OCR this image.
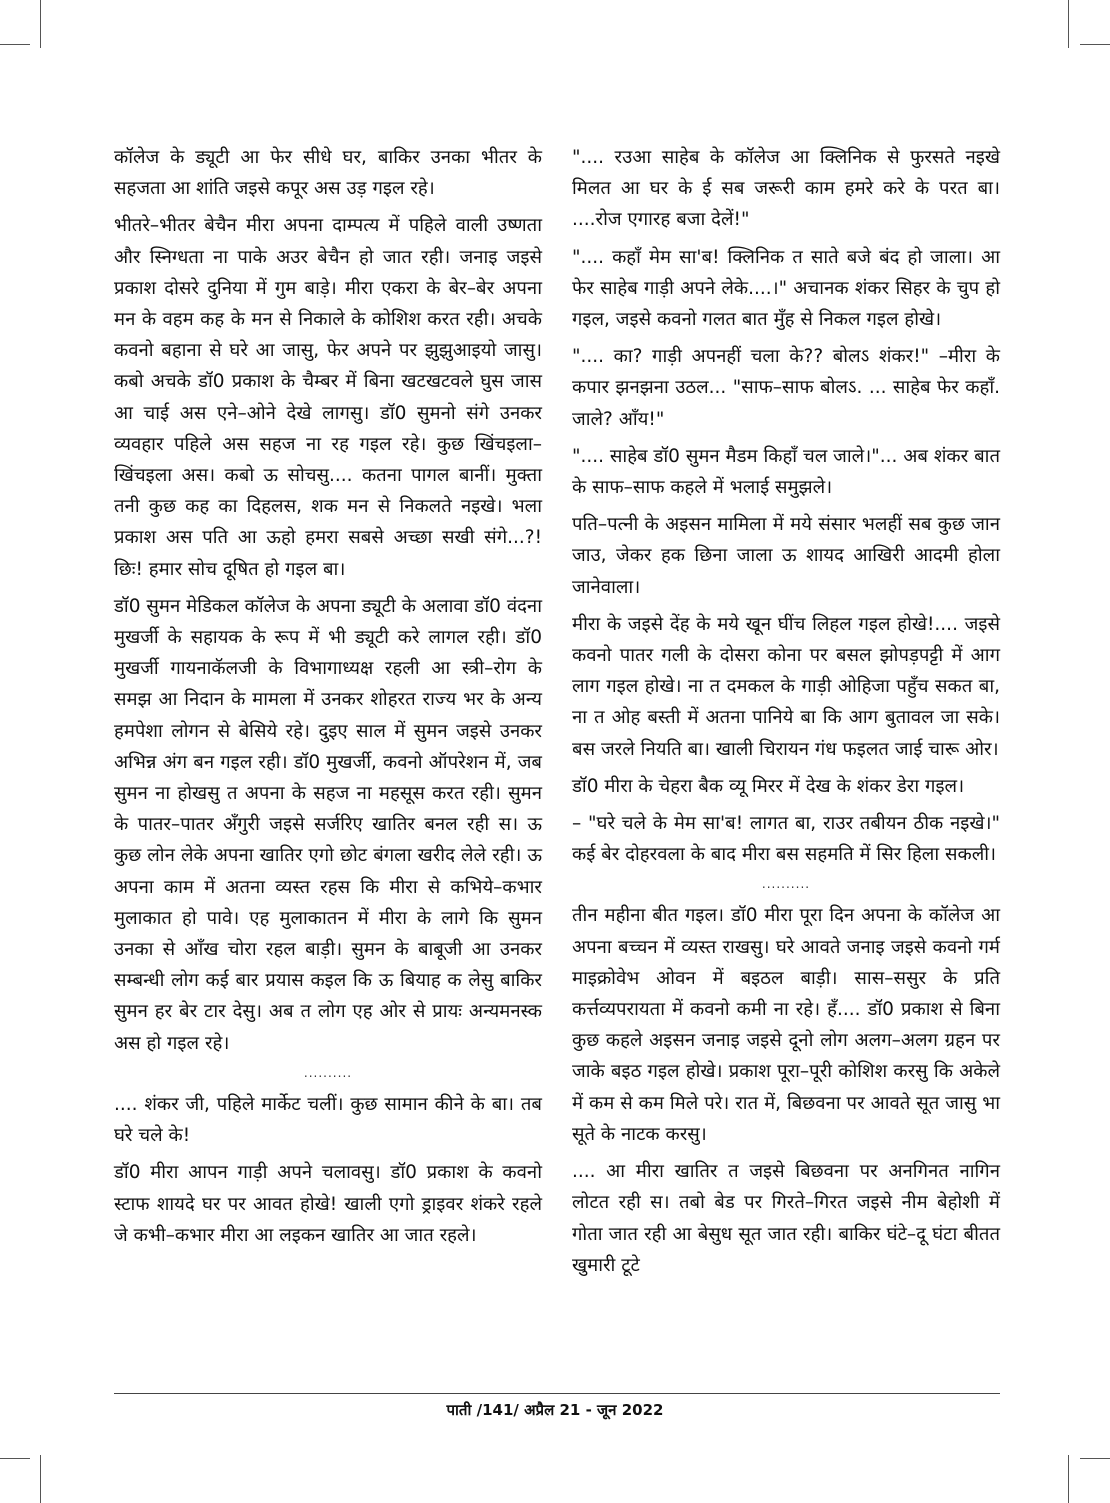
कॉलेज के ड्यूटी आ फेर सीधे घर, बाकिर उनका भीतर के सहजता आ शांति जइसे कपूर अस उड़ गइल रहे।

भीतरे–भीतर बेचैन मीरा अपना दाम्पत्य में पहिले वाली उष्णता और स्निग्धता ना पाके अउर बेचैन हो जात रही। जनाइ जइसे प्रकाश दोसरे दुनिया में गुम बाड़े। मीरा एकरा के बेर–बेर अपना मन के वहम कह के मन से निकाले के कोशिश करत रही। अचके कवनो बहाना से घरे आ जासु, फेर अपने पर झुझुआइयो जासु। कबो अचके डॉ0 प्रकाश के चैम्बर में बिना खटखटवले घुस जास आ चाई अस एने–ओने देखे लागसु। डॉ0 सुमनो संगे उनकर व्यवहार पहिले अस सहज ना रह गइल रहे। कुछ खिंचइला–खिंचइला अस। कबो ऊ सोचसु.... कतना पागल बानीं। मुक्ता तनी कुछ कह का दिहलस, शक मन से निकलते नइखे। भला प्रकाश अस पति आ ऊहो हमरा सबसे अच्छा सखी संगे...?! छिः! हमार सोच दूषित हो गइल बा।

डॉ0 सुमन मेडिकल कॉलेज के अपना ड्यूटी के अलावा डॉ0 वंदना मुखर्जी के सहायक के रूप में भी ड्यूटी करे लागल रही। डॉ0 मुखर्जी गायनाकॅलजी के विभागाध्यक्ष रहली आ स्त्री–रोग के समझ आ निदान के मामला में उनकर शोहरत राज्य भर के अन्य हमपेशा लोगन से बेसिये रहे। दुइए साल में सुमन जइसे उनकर अभिन्न अंग बन गइल रही। डॉ0 मुखर्जी, कवनो ऑपरेशन में, जब सुमन ना होखसु त अपना के सहज ना महसूस करत रही। सुमन के पातर–पातर अँगुरी जइसे सर्जरिए खातिर बनल रही स। ऊ कुछ लोन लेके अपना खातिर एगो छोट बंगला खरीद लेले रही। ऊ अपना काम में अतना व्यस्त रहस कि मीरा से कभिये–कभार मुलाकात हो पावे। एह मुलाकातन में मीरा के लागे कि सुमन उनका से आँख चोरा रहल बाड़ी। सुमन के बाबूजी आ उनकर सम्बन्धी लोग कई बार प्रयास कइल कि ऊ बियाह क लेसु बाकिर सुमन हर बेर टार देसु। अब त लोग एह ओर से प्रायः अन्यमनस्क अस हो गइल रहे।

..........

.... शंकर जी, पहिले मार्केट चलीं। कुछ सामान कीने के बा। तब घरे चले के!

डॉ0 मीरा आपन गाड़ी अपने चलावसु। डॉ0 प्रकाश के कवनो स्टाफ शायदे घर पर आवत होखे! खाली एगो ड्राइवर शंकरे रहले जे कभी–कभार मीरा आ लइकन खातिर आ जात रहले।

".... रउआ साहेब के कॉलेज आ क्लिनिक से फुरसते नइखे मिलत आ घर के ई सब जरूरी काम हमरे करे के परत बा। ....रोज एगारह बजा देलें!"

".... कहाँ मेम सा'ब! क्लिनिक त साते बजे बंद हो जाला। आ फेर साहेब गाड़ी अपने लेके....।" अचानक शंकर सिहर के चुप हो गइल, जइसे कवनो गलत बात मुँह से निकल गइल होखे।

".... का? गाड़ी अपनहीं चला के?? बोलऽ शंकर!" –मीरा के कपार झनझना उठल... "साफ–साफ बोलऽ. ... साहेब फेर कहाँ. जाले? आँय!"

".... साहेब डॉ0 सुमन मैडम किहाँ चल जाले।"... अब शंकर बात के साफ–साफ कहले में भलाई समुझले।

पति–पत्नी के अइसन मामिला में मये संसार भलहीं सब कुछ जान जाउ, जेकर हक छिना जाला ऊ शायद आखिरी आदमी होला जानेवाला।

मीरा के जइसे देंह के मये खून घींच लिहल गइल होखे!.... जइसे कवनो पातर गली के दोसरा कोना पर बसल झोपड़पट्टी में आग लाग गइल होखे। ना त दमकल के गाड़ी ओहिजा पहुँच सकत बा, ना त ओह बस्ती में अतना पानिये बा कि आग बुतावल जा सके। बस जरले नियति बा। खाली चिरायन गंध फइलत जाई चारू ओर।

डॉ0 मीरा के चेहरा बैक व्यू मिरर में देख के शंकर डेरा गइल।

– "घरे चले के मेम सा'ब! लागत बा, राउर तबीयन ठीक नइखे।" कई बेर दोहरवला के बाद मीरा बस सहमति में सिर हिला सकली।

..........

तीन महीना बीत गइल। डॉ0 मीरा पूरा दिन अपना के कॉलेज आ अपना बच्चन में व्यस्त राखसु। घरे आवते जनाइ जइसे कवनो गर्म माइक्रोवेभ ओवन में बइठल बाड़ी। सास–ससुर के प्रति कर्त्तव्यपरायता में कवनो कमी ना रहे। हँ.... डॉ0 प्रकाश से बिना कुछ कहले अइसन जनाइ जइसे दूनो लोग अलग–अलग ग्रहन पर जाके बइठ गइल होखे। प्रकाश पूरा–पूरी कोशिश करसु कि अकेले में कम से कम मिले परे। रात में, बिछवना पर आवते सूत जासु भा सूते के नाटक करसु।

.... आ मीरा खातिर त जइसे बिछवना पर अनगिनत नागिन लोटत रही स। तबो बेड पर गिरते–गिरत जइसे नीम बेहोशी में गोता जात रही आ बेसुध सूत जात रही। बाकिर घंटे–दू घंटा बीतत खुमारी टूटे

पाती /141/ अप्रैल 21 - जून 2022
